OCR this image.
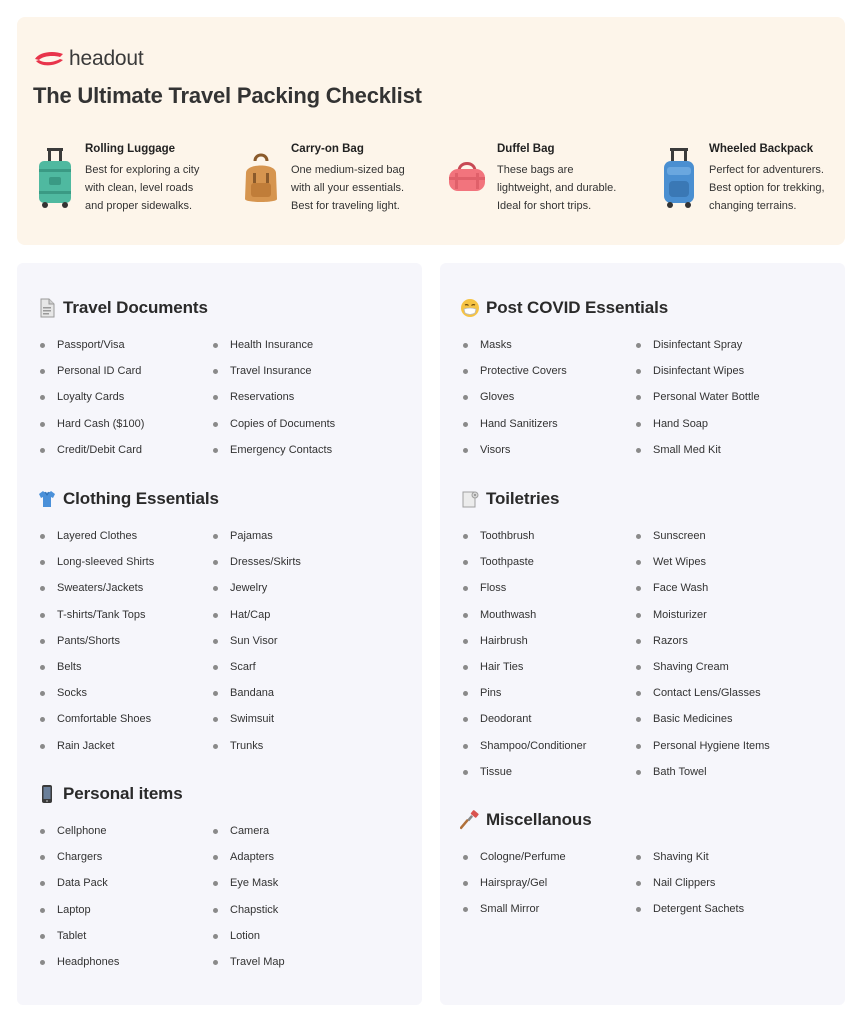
headout
The Ultimate Travel Packing Checklist
Rolling Luggage
Best for exploring a city
with clean, level roads
and proper sidewalks.
Carry-on Bag
One medium-sized bag
with all your essentials.
Best for traveling light.
Duffel Bag
These bags are
lightweight, and durable.
Ideal for short trips.
Wheeled Backpack
Perfect for adventurers.
Best option for trekking,
changing terrains.
Travel Documents
Passport/Visa
Personal ID Card
Loyalty Cards
Hard Cash ($100)
Credit/Debit Card
Health Insurance
Travel Insurance
Reservations
Copies of Documents
Emergency Contacts
Clothing Essentials
Layered Clothes
Long-sleeved Shirts
Sweaters/Jackets
T-shirts/Tank Tops
Pants/Shorts
Belts
Socks
Comfortable Shoes
Rain Jacket
Pajamas
Dresses/Skirts
Jewelry
Hat/Cap
Sun Visor
Scarf
Bandana
Swimsuit
Trunks
Personal items
Cellphone
Chargers
Data Pack
Laptop
Tablet
Headphones
Camera
Adapters
Eye Mask
Chapstick
Lotion
Travel Map
Post COVID Essentials
Masks
Protective Covers
Gloves
Hand Sanitizers
Visors
Disinfectant Spray
Disinfectant Wipes
Personal Water Bottle
Hand Soap
Small Med Kit
Toiletries
Toothbrush
Toothpaste
Floss
Mouthwash
Hairbrush
Hair Ties
Pins
Deodorant
Shampoo/Conditioner
Tissue
Sunscreen
Wet Wipes
Face Wash
Moisturizer
Razors
Shaving Cream
Contact Lens/Glasses
Basic Medicines
Personal Hygiene Items
Bath Towel
Miscellanous
Cologne/Perfume
Hairspray/Gel
Small Mirror
Shaving Kit
Nail Clippers
Detergent Sachets
